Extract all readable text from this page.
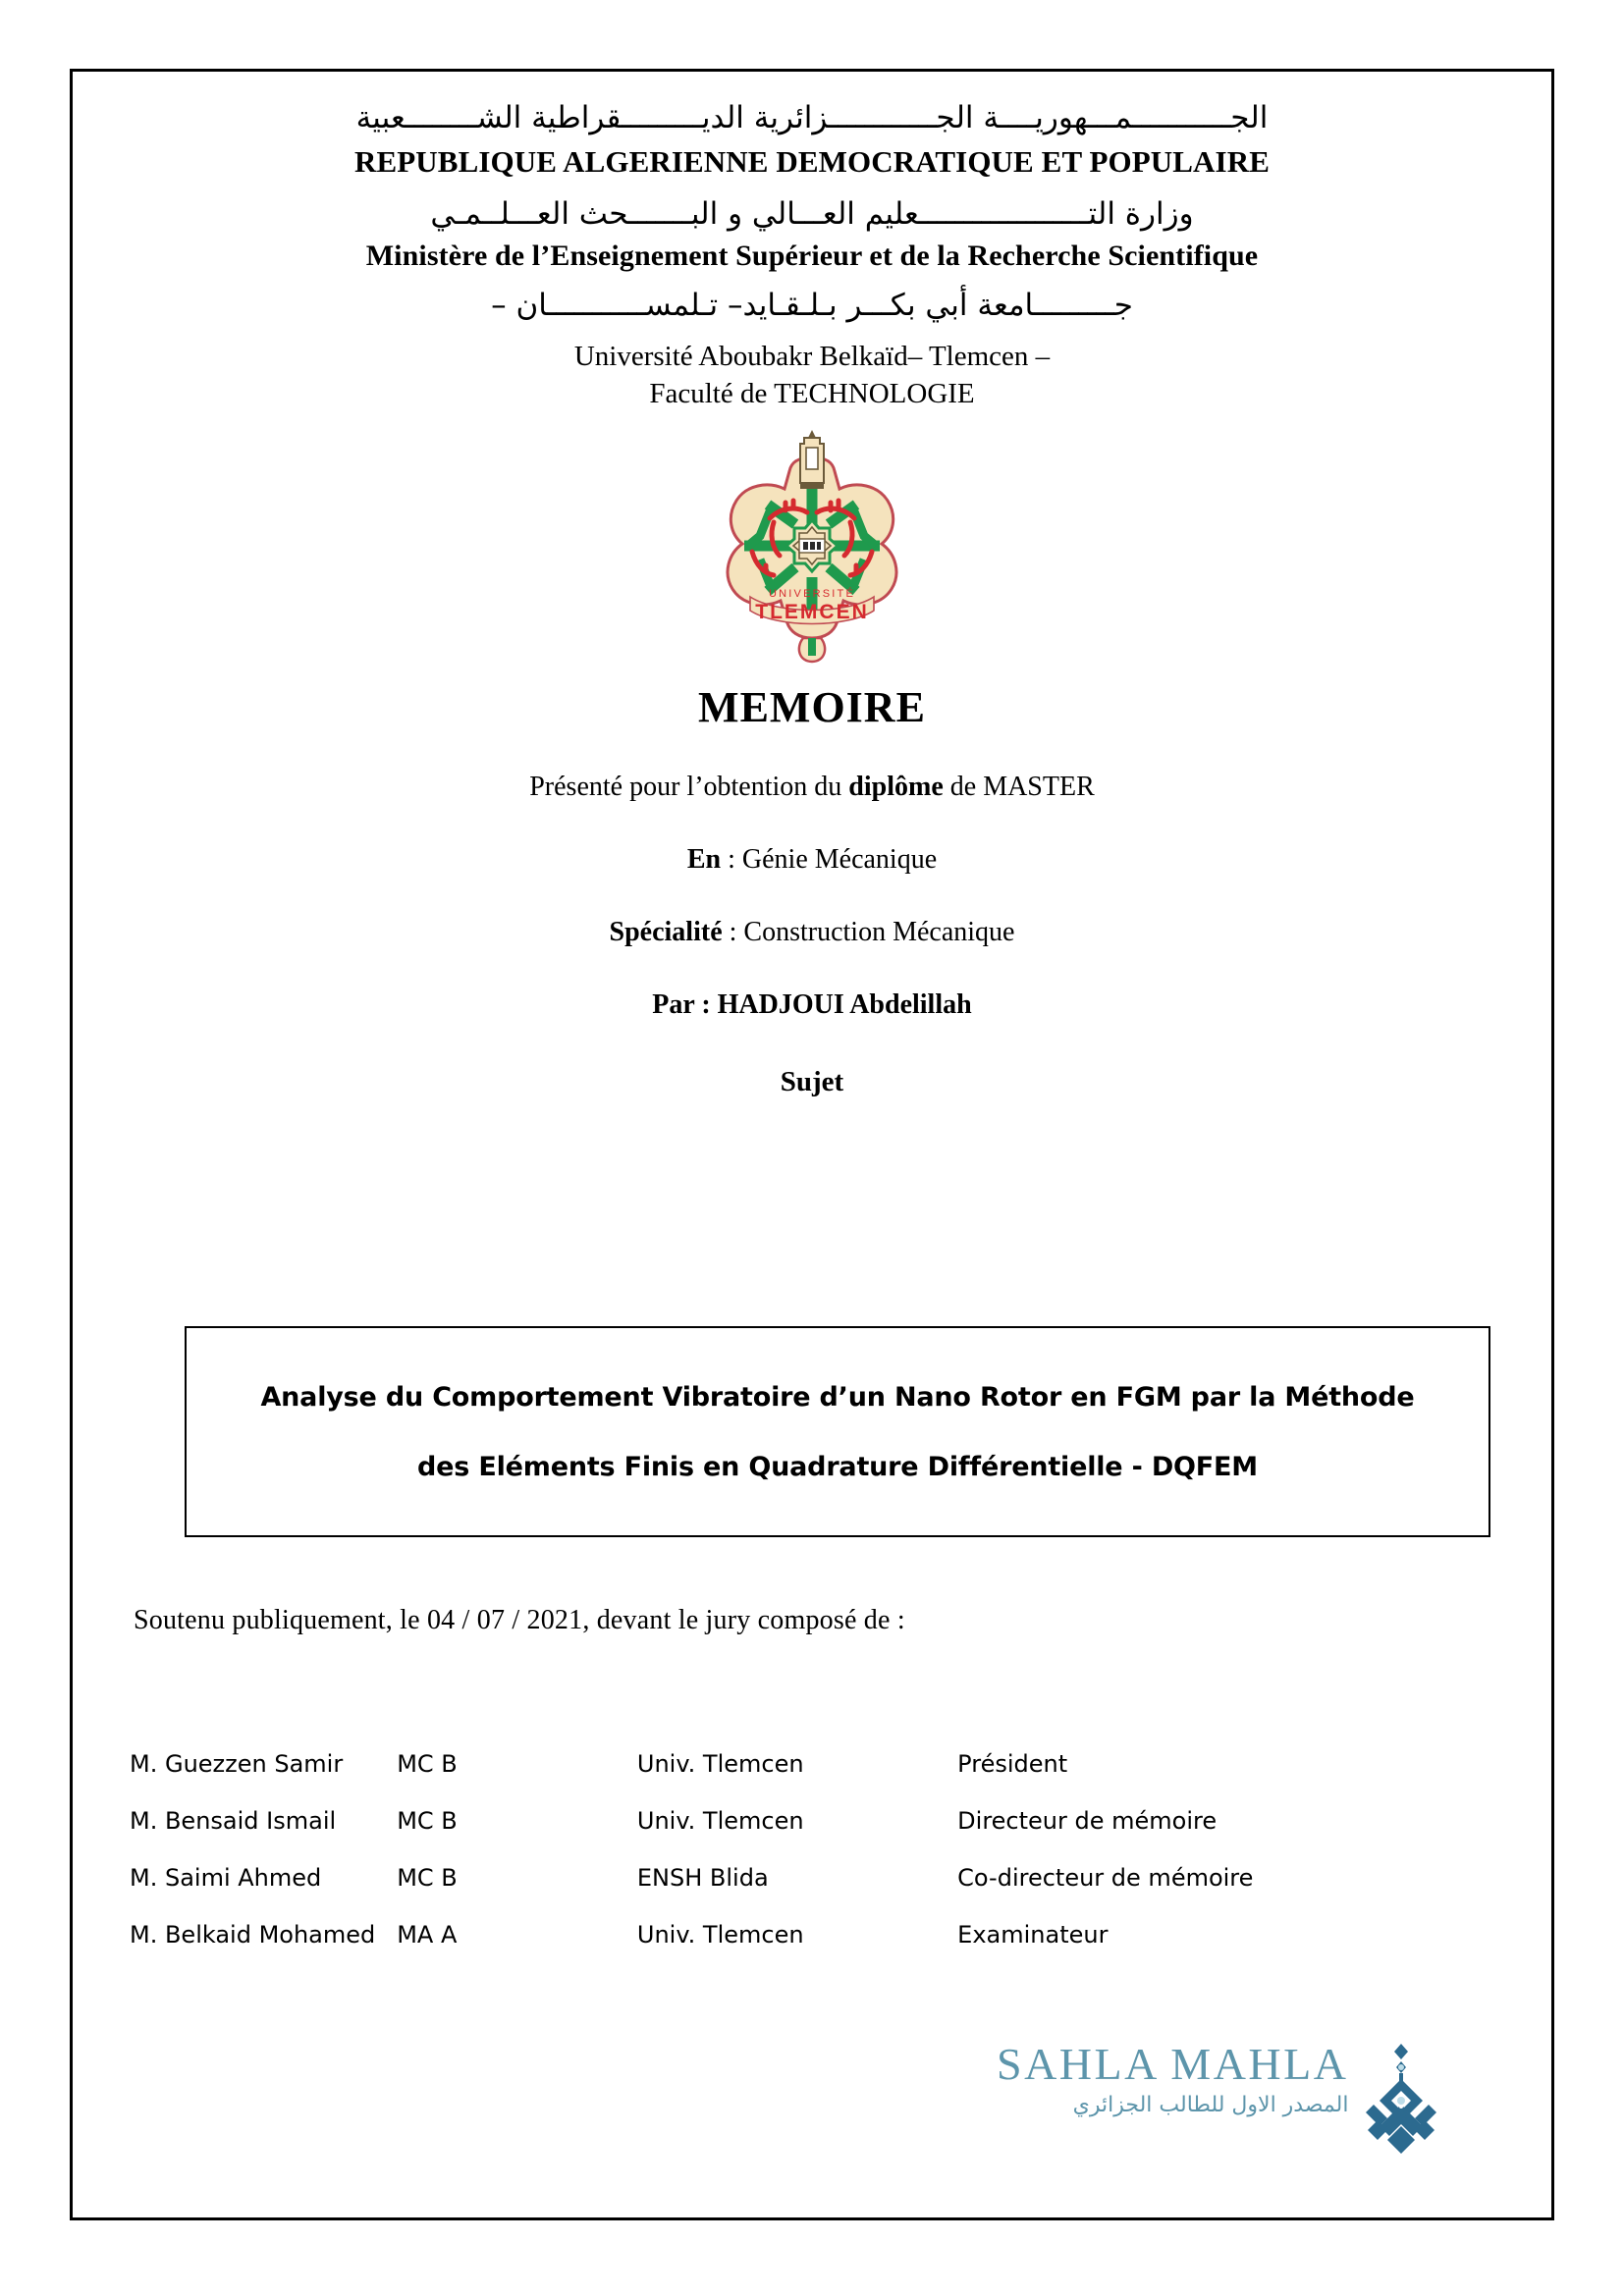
الجـــــــــــمـــهوريــــة الجــــــــــــزائرية الديـــــــــقراطية الشــــــــعبية
REPUBLIQUE ALGERIENNE DEMOCRATIQUE ET POPULAIRE
وزارة التـــــــــــــــــــعليم العـــالي و البـــــــحث العـــلــمـي
Ministère de l’Enseignement Supérieur et de la Recherche Scientifique
جـــــــــامعة أبي بكـــر بـلـقـايد– تـلمســـــــــــان –
Université Aboubakr Belkaïd– Tlemcen –
Faculté de TECHNOLOGIE
UNIVERSITÉ
TLEMCEN
MEMOIRE
Présenté pour l’obtention du diplôme de MASTER
En : Génie Mécanique
Spécialité : Construction Mécanique
Par : HADJOUI Abdelillah
Sujet
Analyse du Comportement Vibratoire d’un Nano Rotor en FGM par la Méthode
des Eléments Finis en Quadrature Différentielle - DQFEM
Soutenu publiquement, le 04 / 07 / 2021, devant le jury composé de :
M. Guezzen Samir	MC B	Univ. Tlemcen	Président
M. Bensaid Ismail	MC B	Univ. Tlemcen	Directeur de mémoire
M. Saimi Ahmed	MC B	ENSH Blida	Co-directeur de mémoire
M. Belkaid Mohamed	MA A	Univ. Tlemcen	Examinateur
SAHLA MAHLA
المصدر الاول للطالب الجزائري
